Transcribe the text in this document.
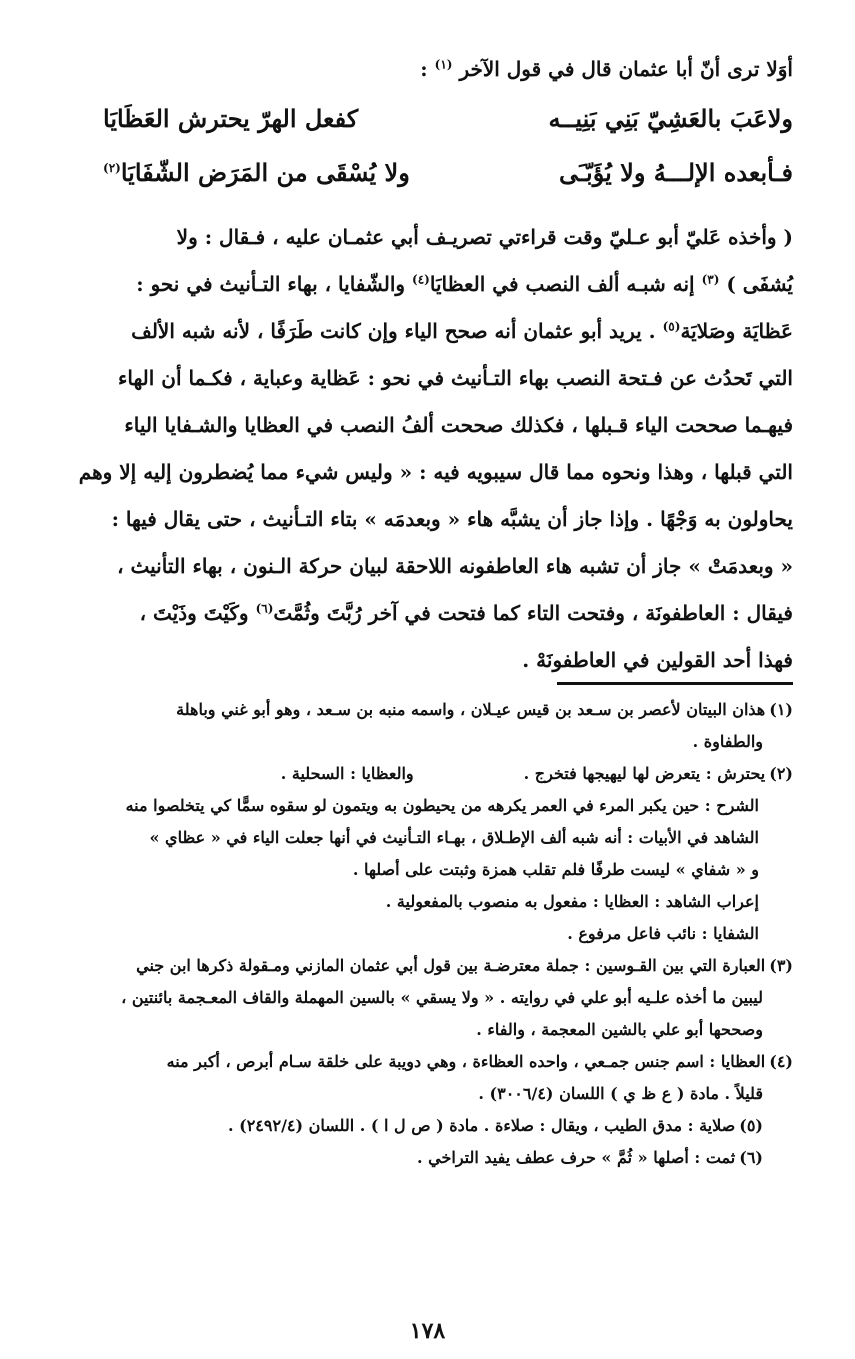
أوَلا ترى أنّ أبا عثمان قال في قول الآخر $^{(١)}$ :
ولاعَبَ بالعَشِيّ بَنِي بَنِيــه
كفعل الهرّ يحترش العَظَايَا
فـأبعده الإلـــهُ ولا يُؤَبّـَى
ولا يُسْقَى من المَرَض الشّفَايَا$^{(٢)}$

( وأخذه عَليّ أبو عـليّ وقت قراءتي تصريـف أبي عثمـان عليه ، فـقال : ولا

يُشفَى ) $^{(٣)}$ إنه شبـه ألف النصب في العظايَا$^{(٤)}$ والشّفايا ، بهاء التـأنيث في نحو :

عَظايَة وصَلايَة$^{(٥)}$ . يريد أبو عثمان أنه صحح الياء وإن كانت طَرَفًا ، لأنه شبه الألف

التي تَحدُث عن فـتحة النصب بهاء التـأنيث في نحو : عَظاية وعباية ، فكـما أن الهاء

فيهـما صححت الياء قـبلها ، فكذلك صححت ألفُ النصب في العظايا والشـفايا الياء

التي قبلها ، وهذا ونحوه مما قال سيبويه فيه : « وليس شيء مما يُضطرون إليه إلا وهم

يحاولون به وَجْهًا . وإذا جاز أن يشبَّه هاء « وبعدمَه » بتاء التـأنيث ، حتى يقال فيها :

« وبعدمَتْ » جاز أن تشبه هاء العاطفونه اللاحقة لبيان حركة الـنون ، بهاء التأنيث ،

فيقال : العاطفونَة ، وفتحت التاء كما فتحت في آخر رُبَّتَ وثُمَّتَ$^{(٦)}$ وكَيْتَ وذَيْتَ ،

فهذا أحد القولين في العاطفونَهْ .

(١)هذان البيتان لأعصر بن سـعد بن قيس عيـلان ، واسمه منبه بن سـعد ، وهو أبو غني وباهلة
والطفاوة .

(٢)يحترش : يتعرض لها ليهيجها فتخرج .والعظايا : السحلية .

الشرح : حين يكبر المرء في العمر يكرهه من يحيطون به ويتمون لو سقوه سمًّا كي يتخلصوا منه

الشاهد في الأبيات : أنه شبه ألف الإطـلاق ، بهـاء التـأنيث في أنها جعلت الياء في « عظاي »

و « شفاي » ليست طرفًا فلم تقلب همزة وثبتت على أصلها .

إعراب الشاهد : العظايا : مفعول به منصوب بالمفعولية .

الشفايا : نائب فاعل مرفوع .

(٣)العبارة التي بين القـوسين : جملة معترضـة بين قول أبي عثمان المازني ومـقولة ذكرها ابن جني
ليبين ما أخذه علـيه أبو علي في روايته . « ولا يسقي » بالسين المهملة والقاف المعـجمة بائنتين ،
وصححها أبو علي بالشين المعجمة ، والفاء .

(٤)العظايا : اسم جنس جمـعي ، واحده العظاءة ، وهي دويبة على خلقة سـام أبرص ، أكبر منه
قليلاً . مادة ( ع ظ ي ) اللسان (٣٠٠٦/٤) .

(٥)صلاية : مدق الطيب ، ويقال : صلاءة . مادة ( ص ل ا ) . اللسان (٢٤٩٢/٤) .

(٦)ثمت : أصلها « ثُمَّ » حرف عطف يفيد التراخي .

١٧٨
